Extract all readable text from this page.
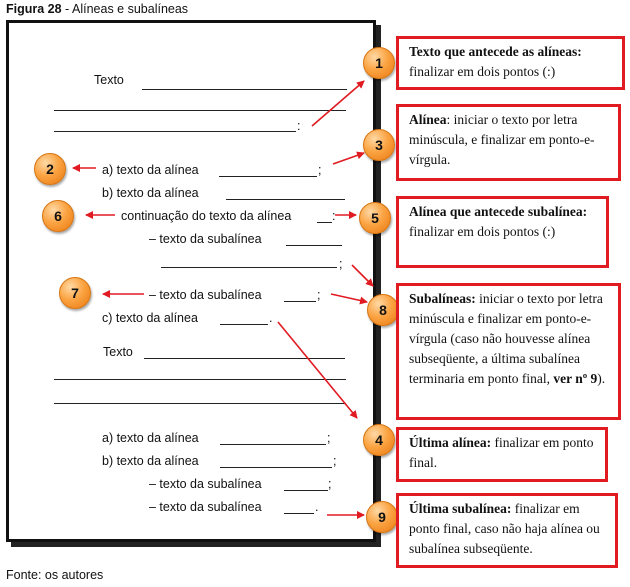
Figura 28 - Alíneas e subalíneas
Texto
:
a) texto da alínea	;
b) texto da alínea
continuação do texto da alínea	:
– texto da subalínea
;
– texto da subalínea	;
c) texto da alínea	.
Texto
a) texto da alínea	;
b) texto da alínea	;
– texto da subalínea	;
– texto da subalínea	.
1
2
3
6	5
7
8
4
9
Texto que antecede as alíneas: finalizar em dois pontos (:)
Alínea: iniciar o texto por letra minúscula, e finalizar em ponto-e-vírgula.
Alínea que antecede subalínea: finalizar em dois pontos (:)
Subalíneas: iniciar o texto por letra minúscula e finalizar em ponto-e-vírgula (caso não houvesse alínea subseqüente, a última subalínea terminaria em ponto final, ver nº 9).
Última alínea: finalizar em ponto final.
Última subalínea: finalizar em ponto final, caso não haja alínea ou subalínea subseqüente.
Fonte: os autores
